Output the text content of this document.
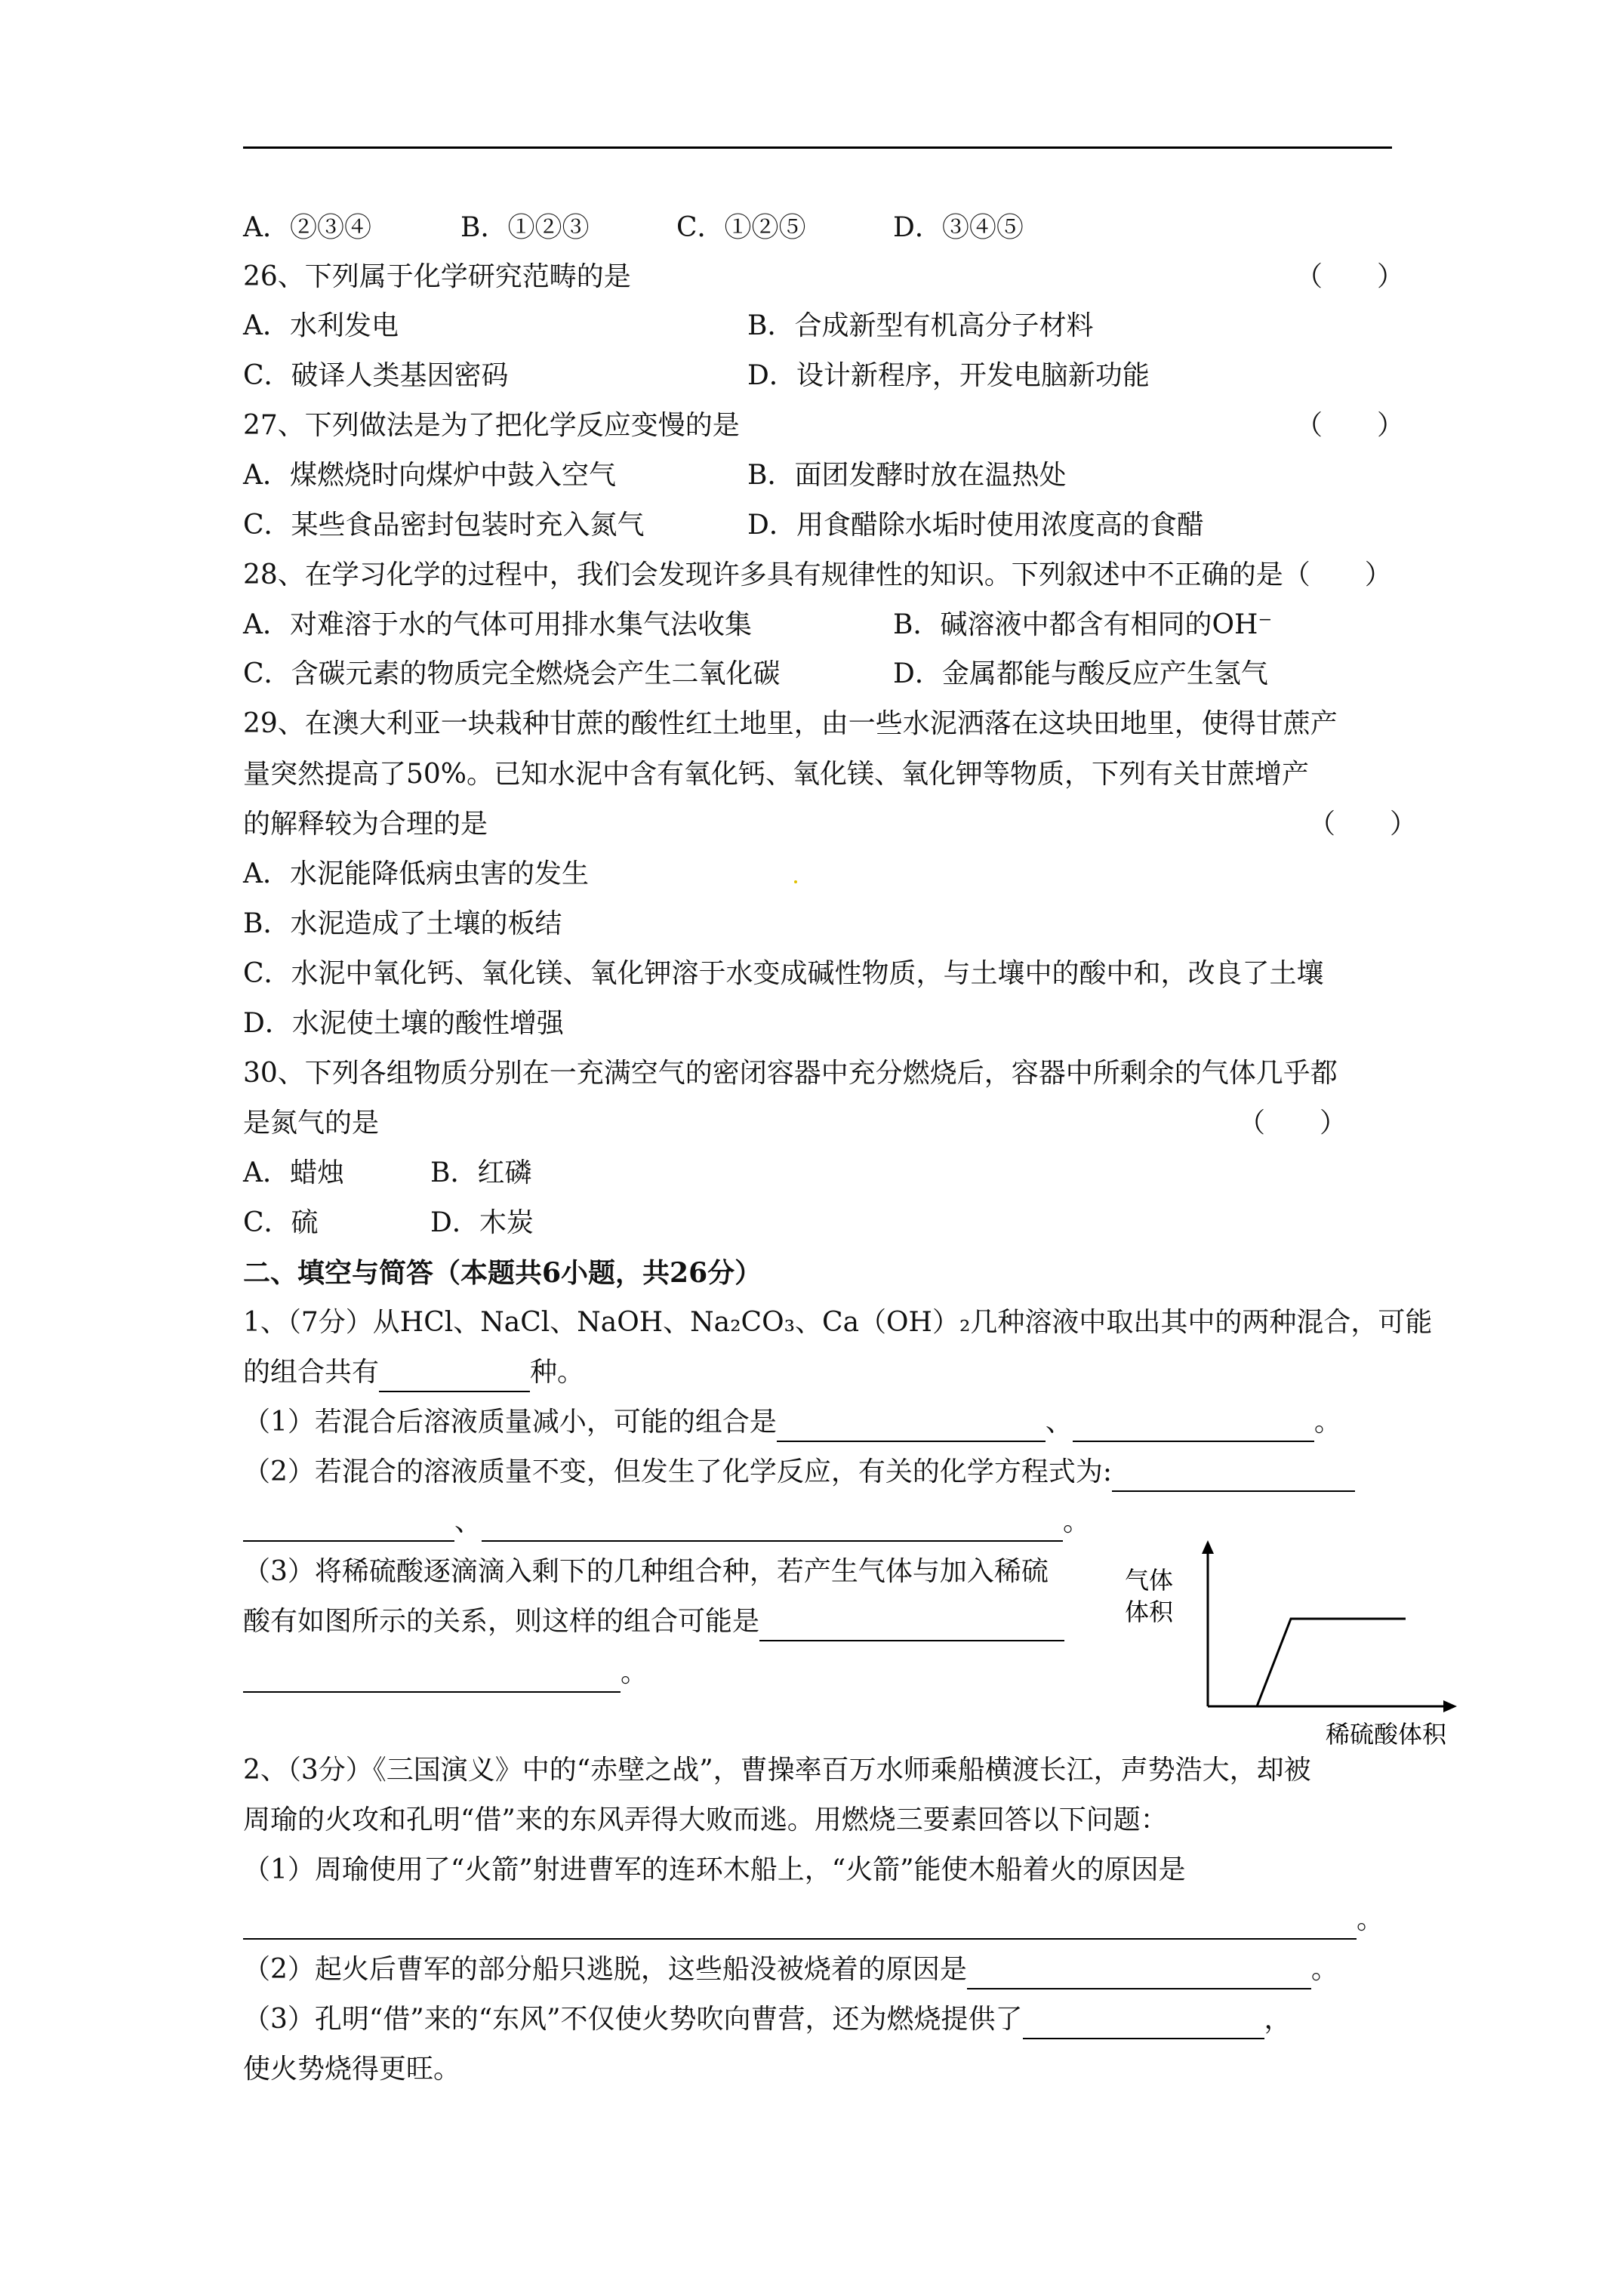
A．②③④	B．①②③	C．①②⑤	D．③④⑤
26、下列属于化学研究范畴的是	（　　）
A．水利发电	B．合成新型有机高分子材料
C．破译人类基因密码	D．设计新程序，开发电脑新功能
27、下列做法是为了把化学反应变慢的是	（　　）
A．煤燃烧时向煤炉中鼓入空气	B．面团发酵时放在温热处
C．某些食品密封包装时充入氮气	D．用食醋除水垢时使用浓度高的食醋
28、在学习化学的过程中，我们会发现许多具有规律性的知识。下列叙述中不正确的是（　　）
A．对难溶于水的气体可用排水集气法收集	B．碱溶液中都含有相同的OH⁻
C．含碳元素的物质完全燃烧会产生二氧化碳	D．金属都能与酸反应产生氢气
29、在澳大利亚一块栽种甘蔗的酸性红土地里，由一些水泥洒落在这块田地里，使得甘蔗产
量突然提高了50%。已知水泥中含有氧化钙、氧化镁、氧化钾等物质，下列有关甘蔗增产
的解释较为合理的是	（　　）
A．水泥能降低病虫害的发生
B．水泥造成了土壤的板结
C．水泥中氧化钙、氧化镁、氧化钾溶于水变成碱性物质，与土壤中的酸中和，改良了土壤
D．水泥使土壤的酸性增强
30、下列各组物质分别在一充满空气的密闭容器中充分燃烧后，容器中所剩余的气体几乎都
是氮气的是	（　　）
A．蜡烛	B．红磷
C．硫	D．木炭
二、填空与简答（本题共6小题，共26分）
1、（7分）从HCl、NaCl、NaOH、Na₂CO₃、Ca（OH）₂几种溶液中取出其中的两种混合，可能
的组合共有	种。
（1）若混合后溶液质量减小，可能的组合是	、	。
（2）若混合的溶液质量不变，但发生了化学反应，有关的化学方程式为:
、	。
（3）将稀硫酸逐滴滴入剩下的几种组合种，若产生气体与加入稀硫
酸有如图所示的关系，则这样的组合可能是
。
气体
体积
稀硫酸体积
2、（3分）《三国演义》中的“赤壁之战”，曹操率百万水师乘船横渡长江，声势浩大，却被
周瑜的火攻和孔明“借”来的东风弄得大败而逃。用燃烧三要素回答以下问题：
（1）周瑜使用了“火箭”射进曹军的连环木船上，“火箭”能使木船着火的原因是
。
（2）起火后曹军的部分船只逃脱，这些船没被烧着的原因是	。
（3）孔明“借”来的“东风”不仅使火势吹向曹营，还为燃烧提供了	，
使火势烧得更旺。
